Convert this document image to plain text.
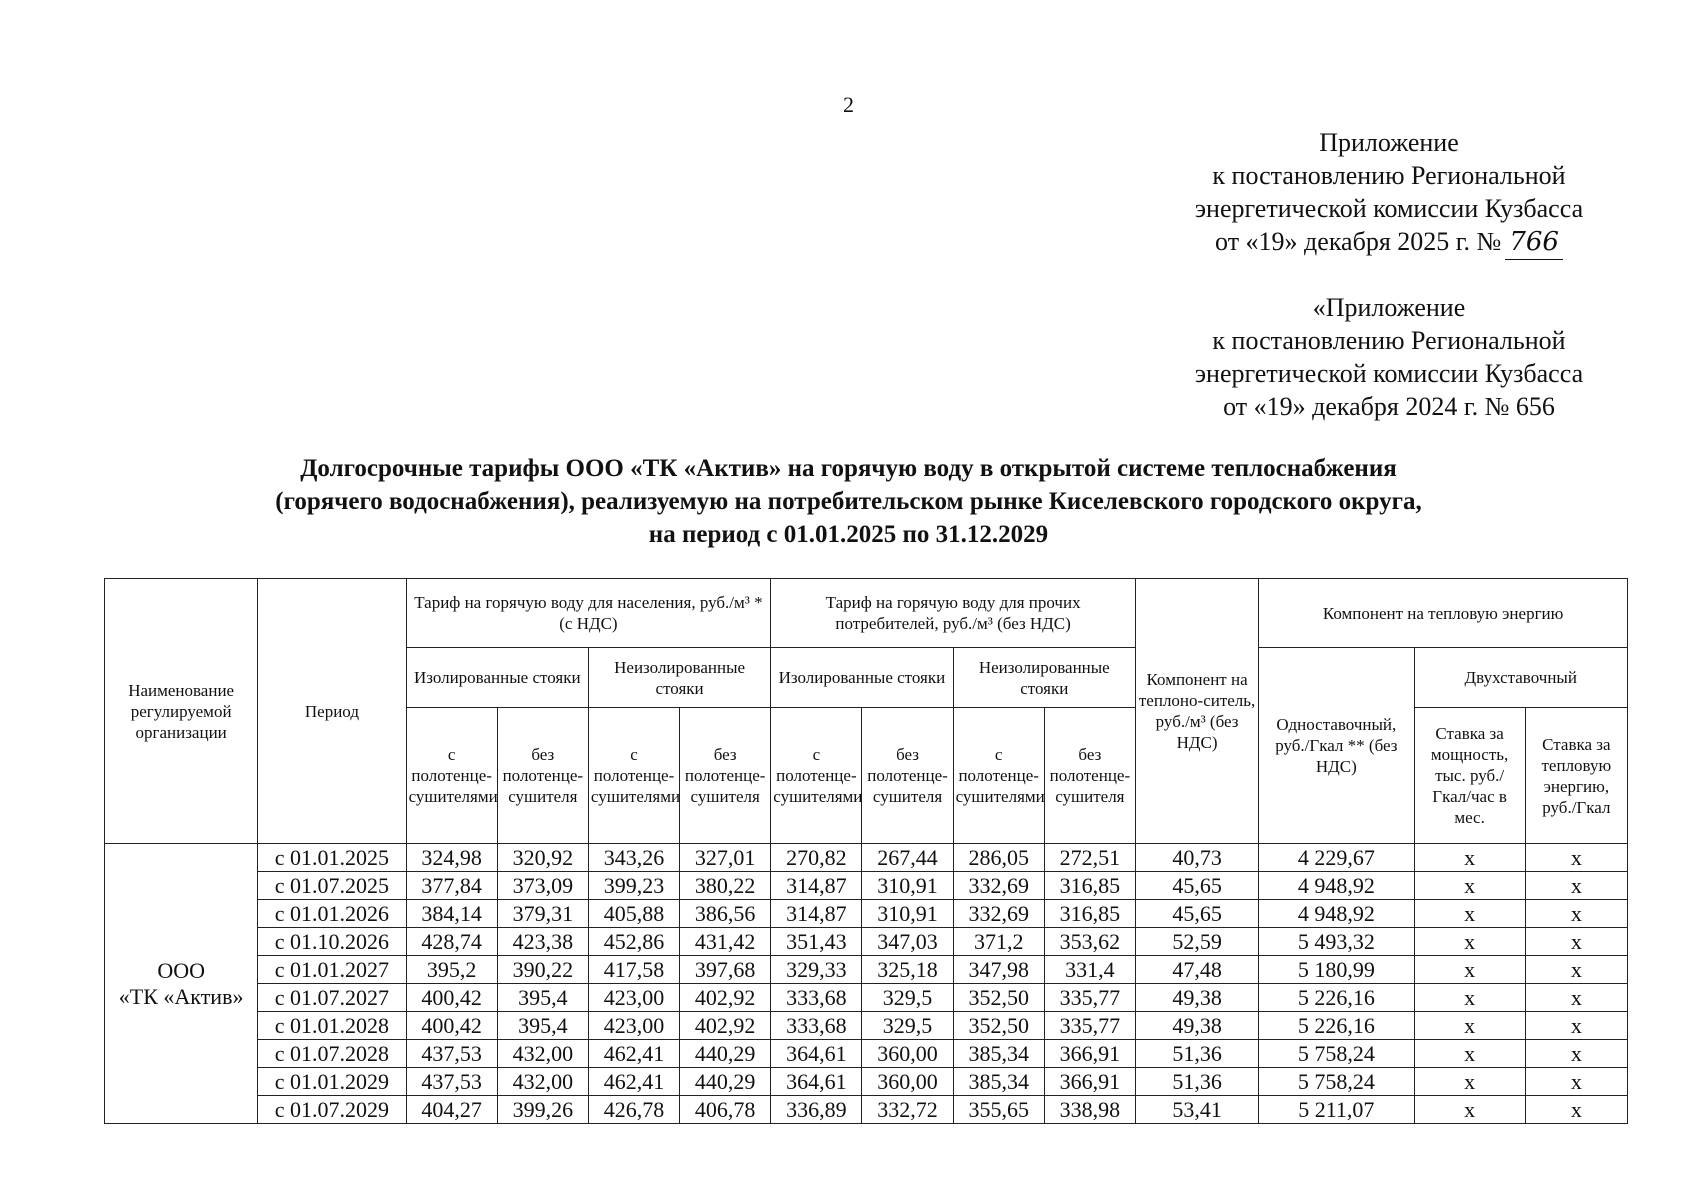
2
Приложение
к постановлению Региональной
энергетической комиссии Кузбасса
от «19» декабря 2025 г. № 766
«Приложение
к постановлению Региональной
энергетической комиссии Кузбасса
от «19» декабря 2024 г. № 656
Долгосрочные тарифы ООО «ТК «Актив» на горячую воду в открытой системе теплоснабжения
(горячего водоснабжения), реализуемую на потребительском рынке Киселевского городского округа,
на период с 01.01.2025 по 31.12.2029
Наименование регулируемой организации	Период	Тариф на горячую воду для населения, руб./м³ * (с НДС)				Тариф на горячую воду для прочих потребителей, руб./м³ (без НДС)				Компонент на теплоно-ситель, руб./м³ (без НДС)	Компонент на тепловую энергию		
		Изолированные стояки		Неизолированные стояки		Изолированные стояки		Неизолированные стояки			Одноставочный, руб./Гкал ** (без НДС)	Двухставочный	
		с полотенце-сушителями	без полотенце-сушителя	с полотенце-сушителями	без полотенце-сушителя	с полотенце-сушителями	без полотенце-сушителя	с полотенце-сушителями	без полотенце-сушителя			Ставка за мощность, тыс. руб./Гкал/час в мес.	Ставка за тепловую энергию, руб./Гкал

ООО
«ТК «Актив»	с 01.01.2025	324,98	320,92	343,26	327,01	270,82	267,44	286,05	272,51	40,73	4 229,67	x	x
	с 01.07.2025	377,84	373,09	399,23	380,22	314,87	310,91	332,69	316,85	45,65	4 948,92	x	x
	с 01.01.2026	384,14	379,31	405,88	386,56	314,87	310,91	332,69	316,85	45,65	4 948,92	x	x
	с 01.10.2026	428,74	423,38	452,86	431,42	351,43	347,03	371,2	353,62	52,59	5 493,32	x	x
	с 01.01.2027	395,2	390,22	417,58	397,68	329,33	325,18	347,98	331,4	47,48	5 180,99	x	x
	с 01.07.2027	400,42	395,4	423,00	402,92	333,68	329,5	352,50	335,77	49,38	5 226,16	x	x
	с 01.01.2028	400,42	395,4	423,00	402,92	333,68	329,5	352,50	335,77	49,38	5 226,16	x	x
	с 01.07.2028	437,53	432,00	462,41	440,29	364,61	360,00	385,34	366,91	51,36	5 758,24	x	x
	с 01.01.2029	437,53	432,00	462,41	440,29	364,61	360,00	385,34	366,91	51,36	5 758,24	x	x
	с 01.07.2029	404,27	399,26	426,78	406,78	336,89	332,72	355,65	338,98	53,41	5 211,07	x	x
